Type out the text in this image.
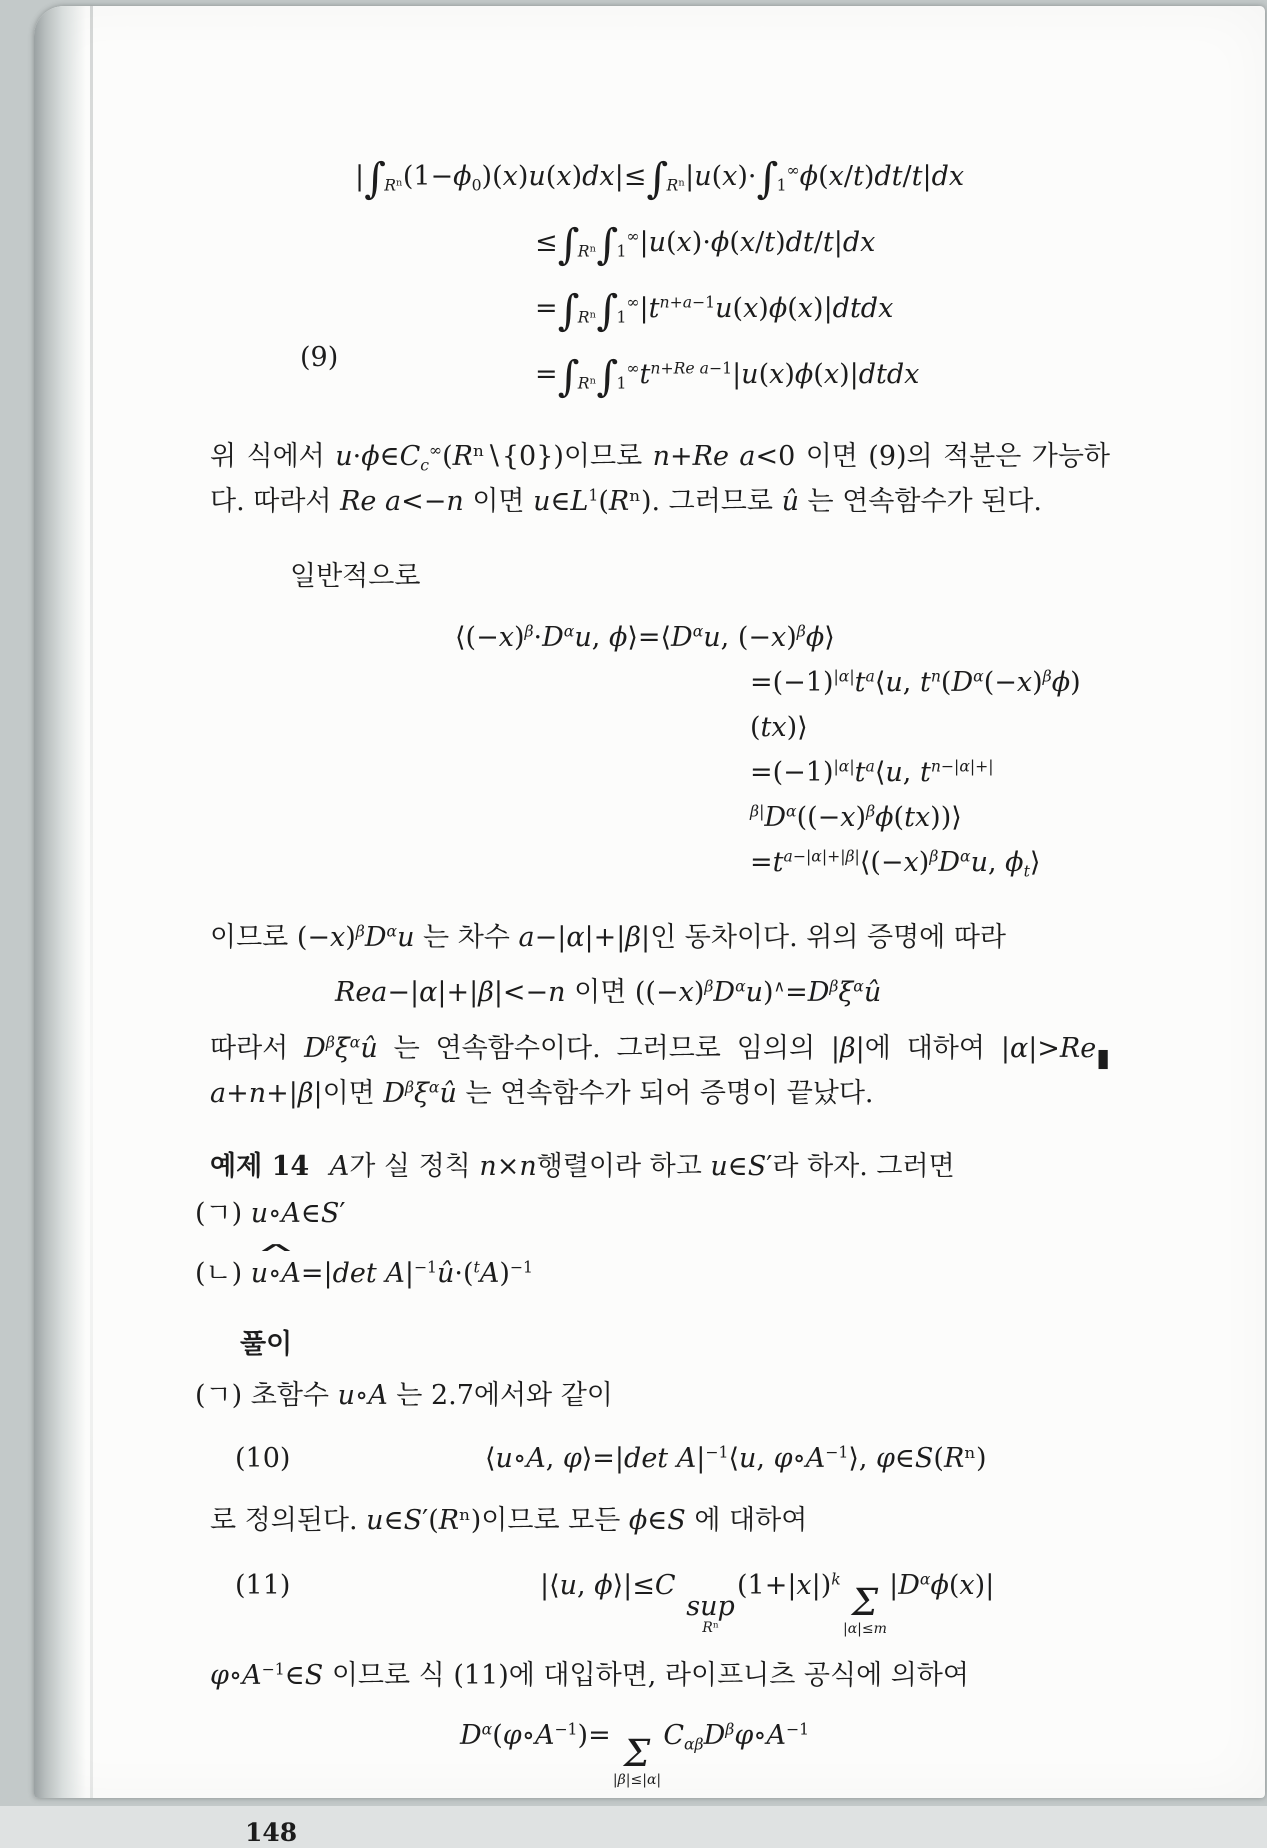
$|\int_{R^n}(1-\phi_0)(x)u(x)dx|\le\int_{R^n}|u(x)\cdot\int_1^\infty\phi(x/t)dt/t|dx$
$\le\int_{R^n}\int_1^\infty|u(x)\cdot\phi(x/t)dt/t|dx$
$=\int_{R^n}\int_1^\infty|t^{n+a-1}u(x)\phi(x)|dtdx$
(9)
$=\int_{R^n}\int_1^\infty t^{n+Re a-1}|u(x)\phi(x)|dtdx$

위 식에서 $u\cdot\phi\in C_c^\infty(R^n∖\{0\})$이므로 n+Re a<0 이면 (9)의 적분은 가능하다. 따라서 Re a<−n 이면 $u\in L^1(R^n)$. 그러므로 û 는 연속함수가 된다.

일반적으로
$⟨(-x)^\beta\cdot D^\alpha u$, $\phi⟩=⟨D^\alpha u$, $(-x)^\beta\phi⟩$
$=(-1)^{|\alpha|}t^a⟨u$, $t^n(D^\alpha(-x)^\beta\phi)(tx)⟩$
$=(-1)^{|\alpha|}t^a⟨u$, $t^{n-|\alpha|+|\beta|}D^\alpha((-x)^\beta\phi(tx))⟩$
$=t^{a-|\alpha|+|\beta|}⟨(-x)^\beta D^\alpha u$, $\phi_t⟩$

이므로 $(-x)^\beta D^\alpha u$ 는 차수 a−|α|+|β|인 동차이다. 위의 증명에 따라

Rea−|α|+|β|<−n 이면 $((-x)^\beta D^\alpha u)^\wedge=D^\beta\xi^\alpha û$

▮
따라서 $D^\beta\xi^\alpha û$ 는 연속함수이다. 그러므로 임의의 |β|에 대하여 |α|>Re a+n+|β|이면 $D^\beta\xi^\alpha û$ 는 연속함수가 되어 증명이 끝났다.

예제 14 A가 실 정칙 n×n행렬이라 하고 u∈S′라 하자. 그러면

(ㄱ) u∘A∈S′

(ㄴ)
∧
u∘A=|det $A|^{-1}û\cdot(^tA)^{-1}$

풀이

(ㄱ) 초함수 u∘A 는 2.7에서와 같이

(10)	⟨u∘A, φ⟩=|det $A|^{-1}⟨u$, $\varphi\circ A^{-1}⟩$, φ∈S(Rⁿ)

로 정의된다. u∈S′(Rⁿ)이므로 모든 ϕ∈S 에 대하여

(11)	|⟨u, ϕ⟩|≤C
sup
Rⁿ
$(1+|x|)^k$
Σ
|α|≤m
$|D^\alpha\phi(x)|$

$\varphi\circ A^{-1}\in S$ 이므로 식 (11)에 대입하면, 라이프니츠 공식에 의하여

$D^\alpha(\varphi\circ A^{-1})= \Sigma$
|β|≤|α|
$C_{\alpha\beta}D^\beta\varphi\circ A^{-1}$
148
